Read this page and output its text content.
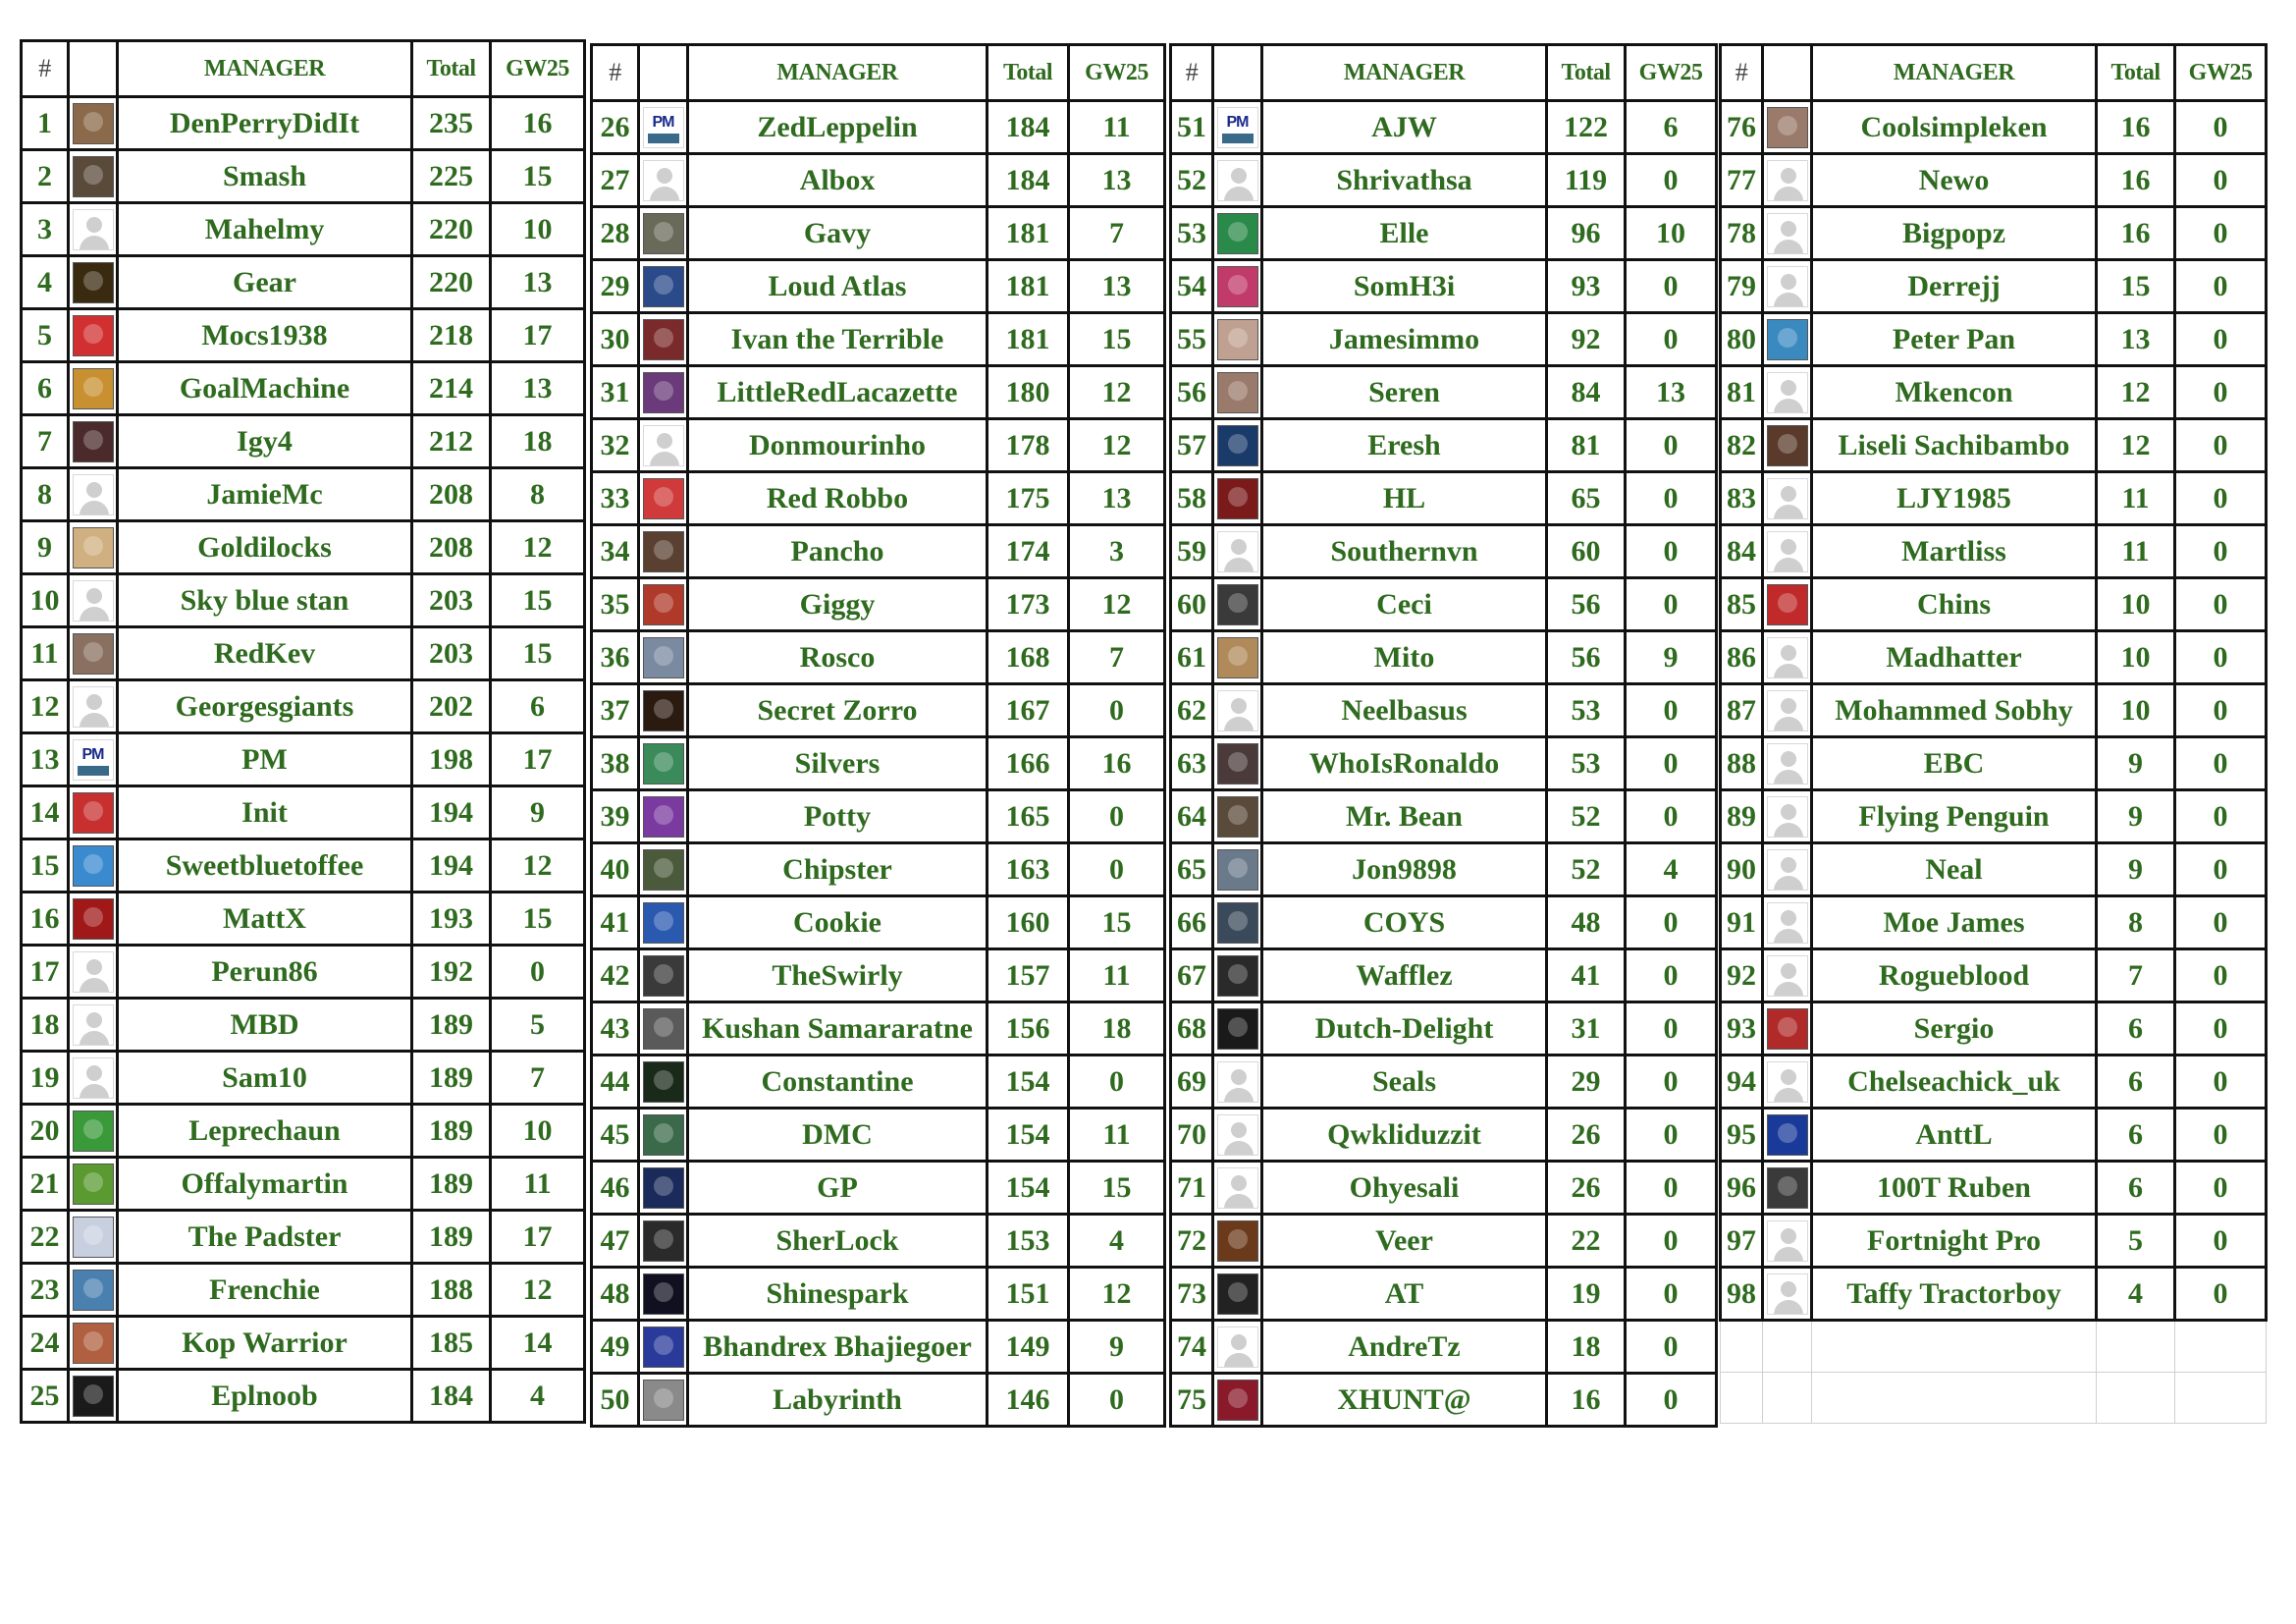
#		MANAGER	Total	GW25
1		DenPerryDidIt	235	16
2		Smash	225	15
3		Mahelmy	220	10
4		Gear	220	13
5		Mocs1938	218	17
6		GoalMachine	214	13
7		Igy4	212	18
8		JamieMc	208	8
9		Goldilocks	208	12
10		Sky blue stan	203	15
11		RedKev	203	15
12		Georgesgiants	202	6
13	PM	PM	198	17
14		Init	194	9
15		Sweetbluetoffee	194	12
16		MattX	193	15
17		Perun86	192	0
18		MBD	189	5
19		Sam10	189	7
20		Leprechaun	189	10
21		Offalymartin	189	11
22		The Padster	189	17
23		Frenchie	188	12
24		Kop Warrior	185	14
25		Eplnoob	184	4
#		MANAGER	Total	GW25
26	PM	ZedLeppelin	184	11
27		Albox	184	13
28		Gavy	181	7
29		Loud Atlas	181	13
30		Ivan the Terrible	181	15
31		LittleRedLacazette	180	12
32		Donmourinho	178	12
33		Red Robbo	175	13
34		Pancho	174	3
35		Giggy	173	12
36		Rosco	168	7
37		Secret Zorro	167	0
38		Silvers	166	16
39		Potty	165	0
40		Chipster	163	0
41		Cookie	160	15
42		TheSwirly	157	11
43		Kushan Samararatne	156	18
44		Constantine	154	0
45		DMC	154	11
46		GP	154	15
47		SherLock	153	4
48		Shinespark	151	12
49		Bhandrex Bhajiegoer	149	9
50		Labyrinth	146	0
#		MANAGER	Total	GW25
51	PM	AJW	122	6
52		Shrivathsa	119	0
53		Elle	96	10
54		SomH3i	93	0
55		Jamesimmo	92	0
56		Seren	84	13
57		Eresh	81	0
58		HL	65	0
59		Southernvn	60	0
60		Ceci	56	0
61		Mito	56	9
62		Neelbasus	53	0
63		WhoIsRonaldo	53	0
64		Mr. Bean	52	0
65		Jon9898	52	4
66		COYS	48	0
67		Wafflez	41	0
68		Dutch-Delight	31	0
69		Seals	29	0
70		Qwkliduzzit	26	0
71		Ohyesali	26	0
72		Veer	22	0
73		AT	19	0
74		AndreTz	18	0
75		XHUNT@	16	0
#		MANAGER	Total	GW25
76		Coolsimpleken	16	0
77		Newo	16	0
78		Bigpopz	16	0
79		Derrejj	15	0
80		Peter Pan	13	0
81		Mkencon	12	0
82		Liseli Sachibambo	12	0
83		LJY1985	11	0
84		Martliss	11	0
85		Chins	10	0
86		Madhatter	10	0
87		Mohammed Sobhy	10	0
88		EBC	9	0
89		Flying Penguin	9	0
90		Neal	9	0
91		Moe James	8	0
92		Rogueblood	7	0
93		Sergio	6	0
94		Chelseachick_uk	6	0
95		AnttL	6	0
96		100T Ruben	6	0
97		Fortnight Pro	5	0
98		Taffy Tractorboy	4	0
